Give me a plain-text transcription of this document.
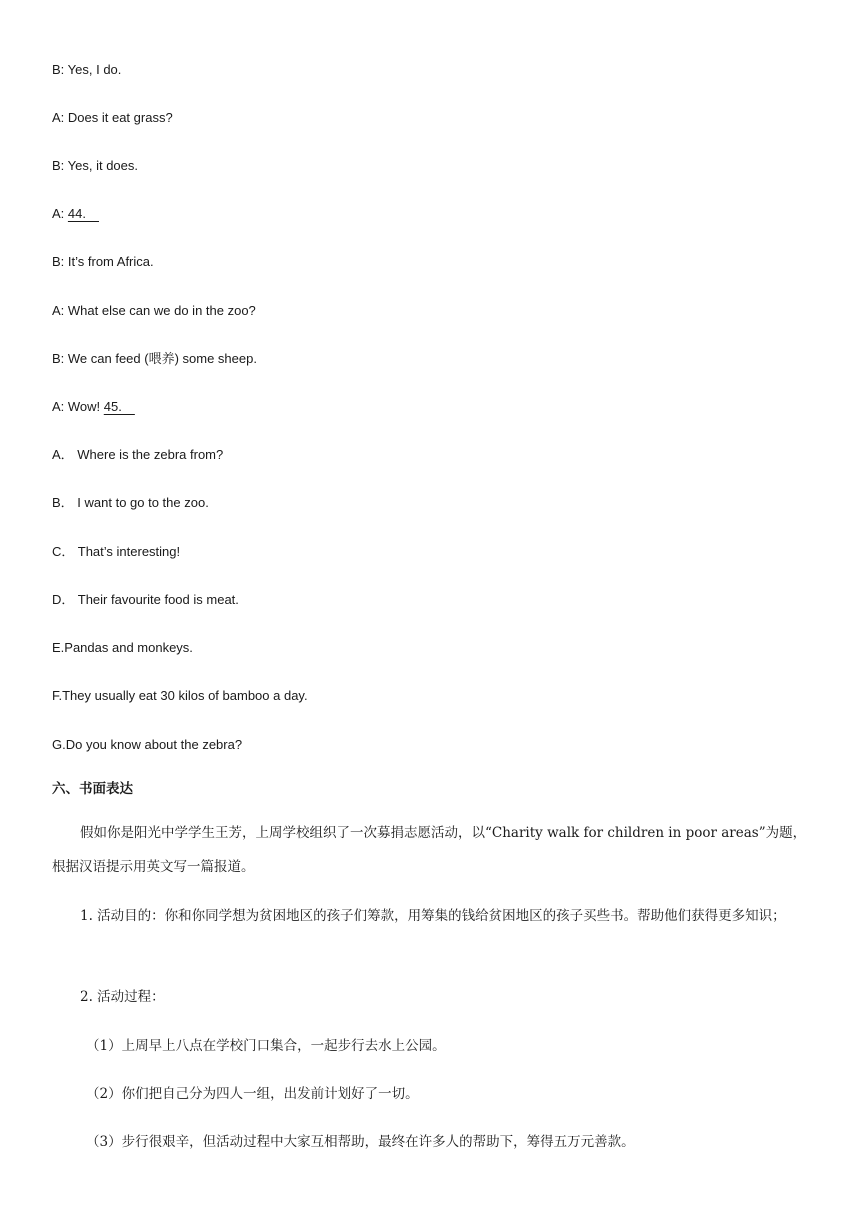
B: Yes, I do.
A: Does it eat grass?
B: Yes, it does.
A: 44. 
B: It’s from Africa.
A: What else can we do in the zoo?
B: We can feed (喂养) some sheep.
A: Wow! 45. 
A． Where is the zebra from?
B． I want to go to the zoo.
C． That’s interesting!
D． Their favourite food is meat.
E.Pandas and monkeys.
F.They usually eat 30 kilos of bamboo a day.
G.Do you know about the zebra?
六、书面表达
假如你是阳光中学学生王芳，上周学校组织了一次募捐志愿活动，以“Charity walk for children in poor areas”为题，根据汉语提示用英文写一篇报道。
1. 活动目的：你和你同学想为贫困地区的孩子们筹款，用筹集的钱给贫困地区的孩子买些书。帮助他们获得更多知识；
2. 活动过程：
（1）上周早上八点在学校门口集合，一起步行去水上公园。
（2）你们把自己分为四人一组，出发前计划好了一切。
（3）步行很艰辛，但活动过程中大家互相帮助，最终在许多人的帮助下，筹得五万元善款。
